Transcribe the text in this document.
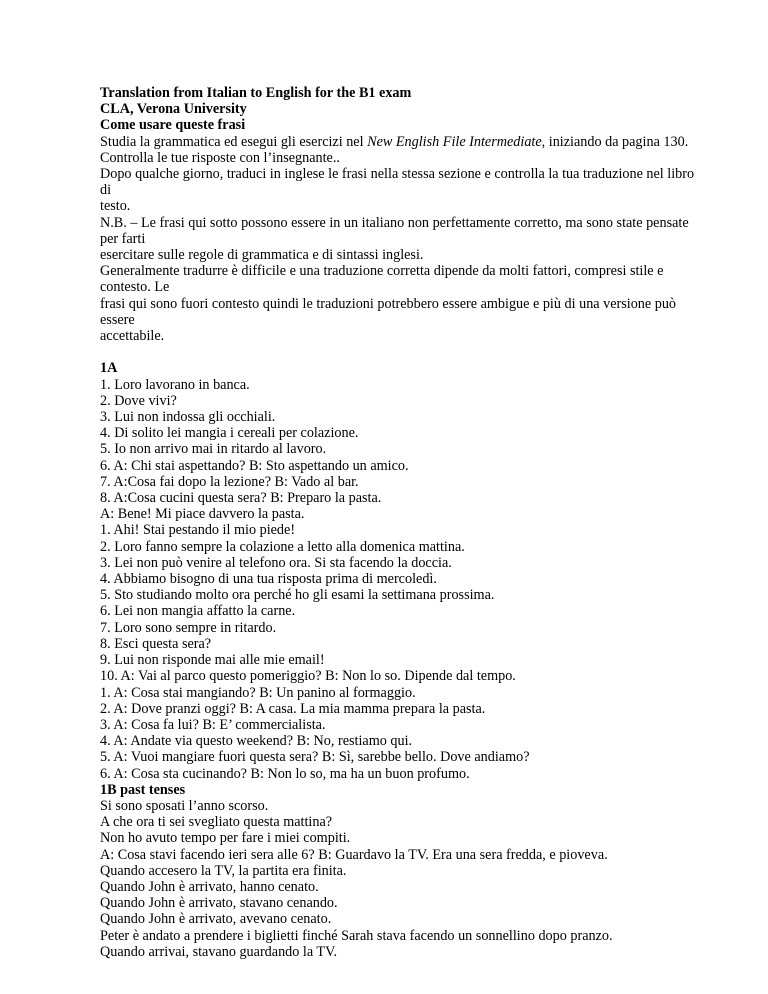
Translation from Italian to English for the B1 exam
CLA, Verona University
Come usare queste frasi
Studia la grammatica ed esegui gli esercizi nel New English File Intermediate, iniziando da pagina 130.
Controlla le tue risposte con l’insegnante..
Dopo qualche giorno, traduci in inglese le frasi nella stessa sezione e controlla la tua traduzione nel libro
di
testo.
N.B. – Le frasi qui sotto possono essere in un italiano non perfettamente corretto, ma sono state pensate
per farti
esercitare sulle regole di grammatica e di sintassi inglesi.
Generalmente tradurre è difficile e una traduzione corretta dipende da molti fattori, compresi stile e
contesto. Le
frasi qui sono fuori contesto quindi le traduzioni potrebbero essere ambigue e più di una versione può
essere
accettabile.
1A
1. Loro lavorano in banca.
2. Dove vivi?
3. Lui non indossa gli occhiali.
4. Di solito lei mangia i cereali per colazione.
5. Io non arrivo mai in ritardo al lavoro.
6. A: Chi stai aspettando? B: Sto aspettando un amico.
7. A:Cosa fai dopo la lezione? B: Vado al bar.
8. A:Cosa cucini questa sera? B: Preparo la pasta.
A: Bene! Mi piace davvero la pasta.
1. Ahi! Stai pestando il mio piede!
2. Loro fanno sempre la colazione a letto alla domenica mattina.
3. Lei non può venire al telefono ora. Si sta facendo la doccia.
4. Abbiamo bisogno di una tua risposta prima di mercoledì.
5. Sto studiando molto ora perché ho gli esami la settimana prossima.
6. Lei non mangia affatto la carne.
7. Loro sono sempre in ritardo.
8. Esci questa sera?
9. Lui non risponde mai alle mie email!
10. A: Vai al parco questo pomeriggio? B: Non lo so. Dipende dal tempo.
1. A: Cosa stai mangiando? B: Un panino al formaggio.
2. A: Dove pranzi oggi? B: A casa. La mia mamma prepara la pasta.
3. A: Cosa fa lui? B: E’ commercialista.
4. A: Andate via questo weekend? B: No, restiamo qui.
5. A: Vuoi mangiare fuori questa sera? B: Sì, sarebbe bello. Dove andiamo?
6. A: Cosa sta cucinando? B: Non lo so, ma ha un buon profumo.
1B past tenses
Si sono sposati l’anno scorso.
A che ora ti sei svegliato questa mattina?
Non ho avuto tempo per fare i miei compiti.
A: Cosa stavi facendo ieri sera alle 6? B: Guardavo la TV. Era una sera fredda, e pioveva.
Quando accesero la TV, la partita era finita.
Quando John è arrivato, hanno cenato.
Quando John è arrivato, stavano cenando.
Quando John è arrivato, avevano cenato.
Peter è andato a prendere i biglietti finché Sarah stava facendo un sonnellino dopo pranzo.
Quando arrivai, stavano guardando la TV.
